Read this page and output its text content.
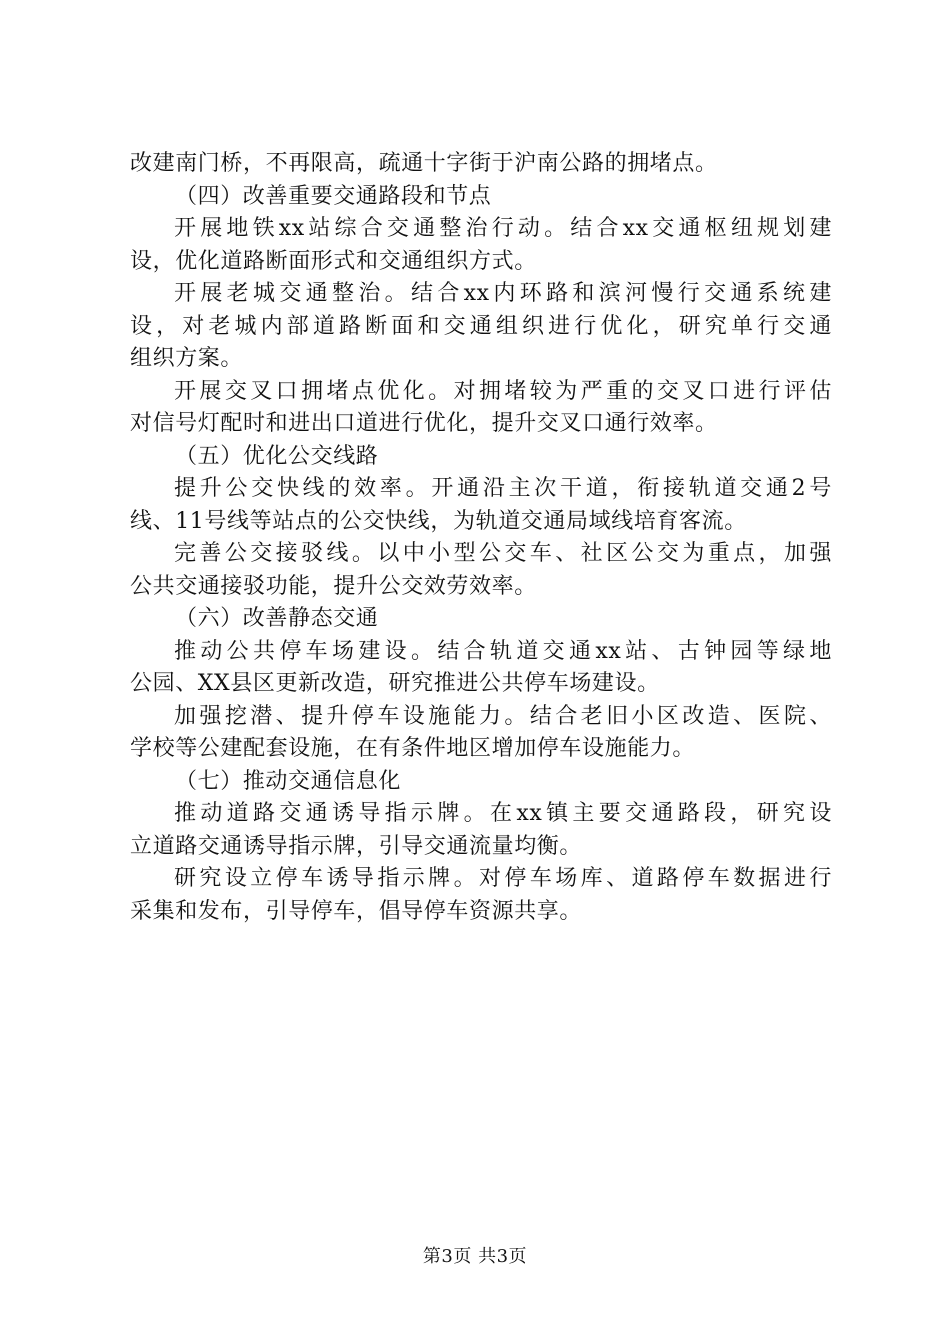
改建南门桥，不再限高，疏通十字街于沪南公路的拥堵点。
（四）改善重要交通路段和节点
开展地铁xx站综合交通整治行动。结合xx交通枢纽规划建
设，优化道路断面形式和交通组织方式。
开展老城交通整治。结合xx内环路和滨河慢行交通系统建
设，对老城内部道路断面和交通组织进行优化，研究单行交通
组织方案。
开展交叉口拥堵点优化。对拥堵较为严重的交叉口进行评估
对信号灯配时和进出口道进行优化，提升交叉口通行效率。
（五）优化公交线路
提升公交快线的效率。开通沿主次干道，衔接轨道交通2号
线、11号线等站点的公交快线，为轨道交通局域线培育客流。
完善公交接驳线。以中小型公交车、社区公交为重点，加强
公共交通接驳功能，提升公交效劳效率。
（六）改善静态交通
推动公共停车场建设。结合轨道交通xx站、古钟园等绿地
公园、XX县区更新改造，研究推进公共停车场建设。
加强挖潜、提升停车设施能力。结合老旧小区改造、医院、
学校等公建配套设施，在有条件地区增加停车设施能力。
（七）推动交通信息化
推动道路交通诱导指示牌。在xx镇主要交通路段，研究设
立道路交通诱导指示牌，引导交通流量均衡。
研究设立停车诱导指示牌。对停车场库、道路停车数据进行
采集和发布，引导停车，倡导停车资源共享。
第3页 共3页
